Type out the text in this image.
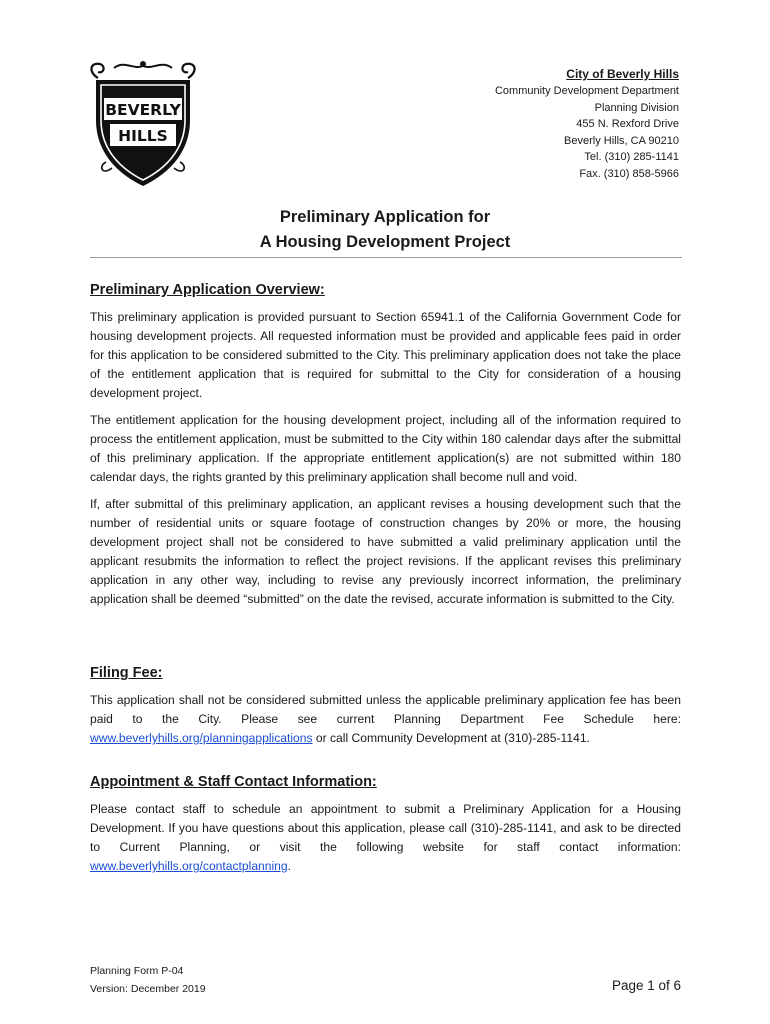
BEVERLY
HILLS
City of Beverly Hills
Community Development Department
Planning Division
455 N. Rexford Drive
Beverly Hills, CA 90210
Tel. (310) 285-1141
Fax. (310) 858-5966
Preliminary Application for
A Housing Development Project
Preliminary Application Overview:

This preliminary application is provided pursuant to Section 65941.1 of the California Government Code for housing development projects. All requested information must be provided and applicable fees paid in order for this application to be considered submitted to the City. This preliminary application does not take the place of the entitlement application that is required for submittal to the City for consideration of a housing development project.

The entitlement application for the housing development project, including all of the information required to process the entitlement application, must be submitted to the City within 180 calendar days after the submittal of this preliminary application. If the appropriate entitlement application(s) are not submitted within 180 calendar days, the rights granted by this preliminary application shall become null and void.

If, after submittal of this preliminary application, an applicant revises a housing development such that the number of residential units or square footage of construction changes by 20% or more, the housing development project shall not be considered to have submitted a valid preliminary application until the applicant resubmits the information to reflect the project revisions. If the applicant revises this preliminary application in any other way, including to revise any previously incorrect information, the preliminary application shall be deemed “submitted” on the date the revised, accurate information is submitted to the City.

Filing Fee:

This application shall not be considered submitted unless the applicable preliminary application fee has been paid to the City. Please see current Planning Department Fee Schedule here: www.beverlyhills.org/planningapplications or call Community Development at (310)-285-1141.

Appointment & Staff Contact Information:

Please contact staff to schedule an appointment to submit a Preliminary Application for a Housing Development. If you have questions about this application, please call (310)-285-1141, and ask to be directed to Current Planning, or visit the following website for staff contact information: www.beverlyhills.org/contactplanning.

Planning Form P-04
Version: December 2019	Page 1 of 6
